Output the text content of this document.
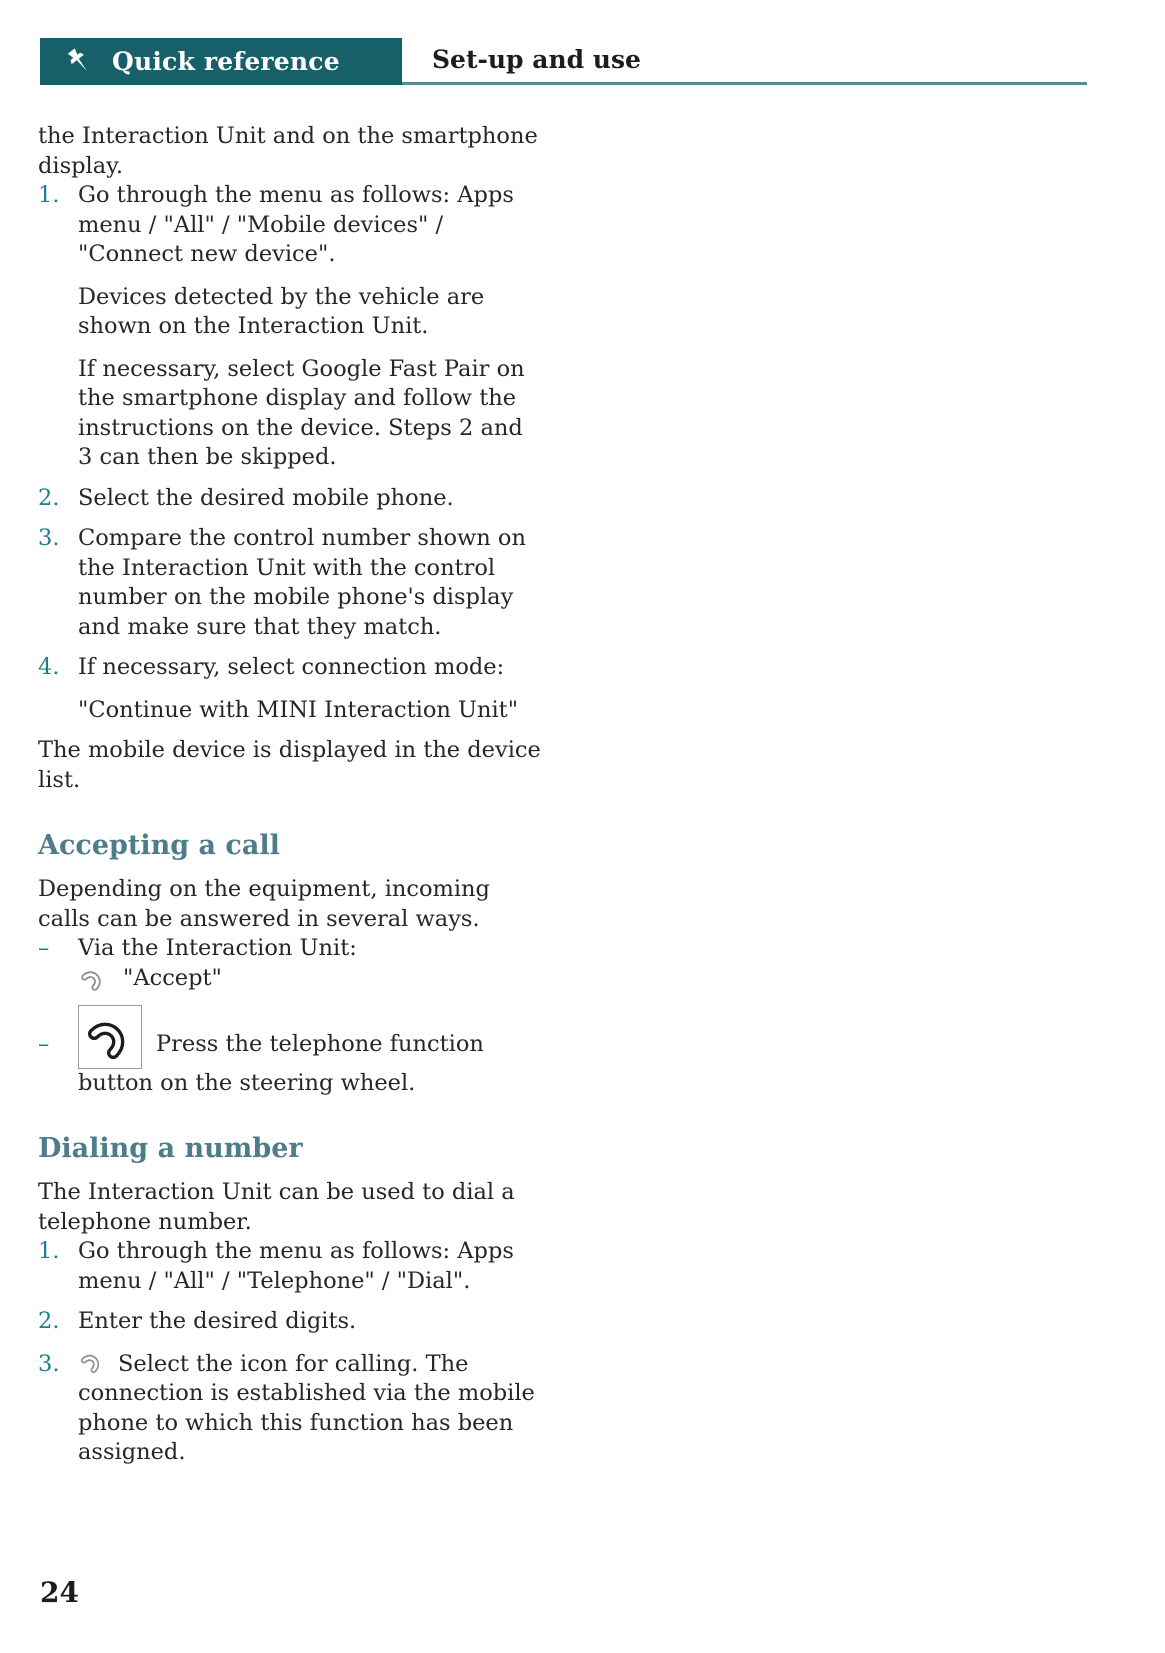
Quick reference	Set-up and use

the Interaction Unit and on the smartphone display.

1. Go through the menu as follows: Apps menu / "All" / "Mobile devices" / "Connect new device".

Devices detected by the vehicle are shown on the Interaction Unit.

If necessary, select Google Fast Pair on the smartphone display and follow the instructions on the device. Steps 2 and 3 can then be skipped.

2. Select the desired mobile phone.

3. Compare the control number shown on the Interaction Unit with the control number on the mobile phone's display and make sure that they match.

4. If necessary, select connection mode:

"Continue with MINI Interaction Unit"

The mobile device is displayed in the device list.

Accepting a call

Depending on the equipment, incoming calls can be answered in several ways.

–	Via the Interaction Unit:

"Accept"

–	Press the telephone function button on the steering wheel.

Dialing a number

The Interaction Unit can be used to dial a telephone number.

1. Go through the menu as follows: Apps menu / "All" / "Telephone" / "Dial".

2. Enter the desired digits.

3.	Select the icon for calling. The connection is established via the mobile phone to which this function has been assigned.

24
